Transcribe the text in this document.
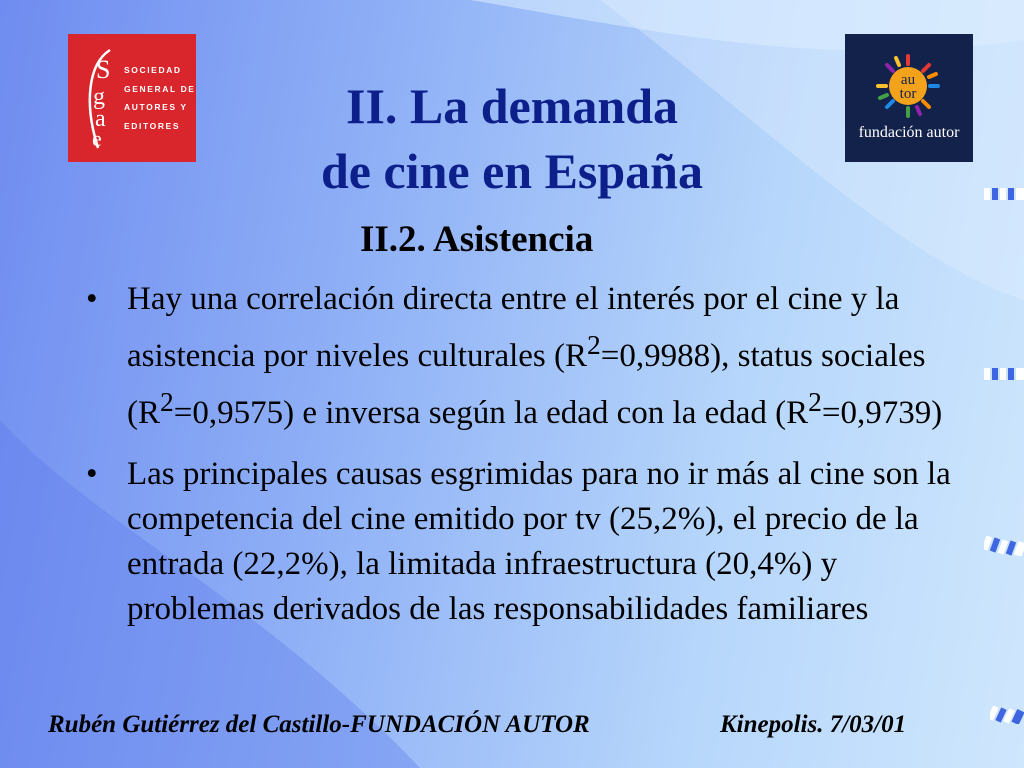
S
g
a
e
SOCIEDAD
GENERAL DE
AUTORES Y
EDITORES
au
tor
fundación autor
II. La demanda
de cine en España
II.2. Asistencia
• Hay una correlación directa entre el interés por el cine y la asistencia por niveles culturales $(R^2=0,9988)$, status sociales $(R^2=0,9575)$ e inversa según la edad con la edad $(R^2=0,9739)$
• Las principales causas esgrimidas para no ir más al cine son la competencia del cine emitido por tv (25,2%), el precio de la entrada (22,2%), la limitada infraestructura (20,4%) y problemas derivados de las responsabilidades familiares
Rubén Gutiérrez del Castillo-FUNDACIÓN AUTOR	Kinepolis. 7/03/01
